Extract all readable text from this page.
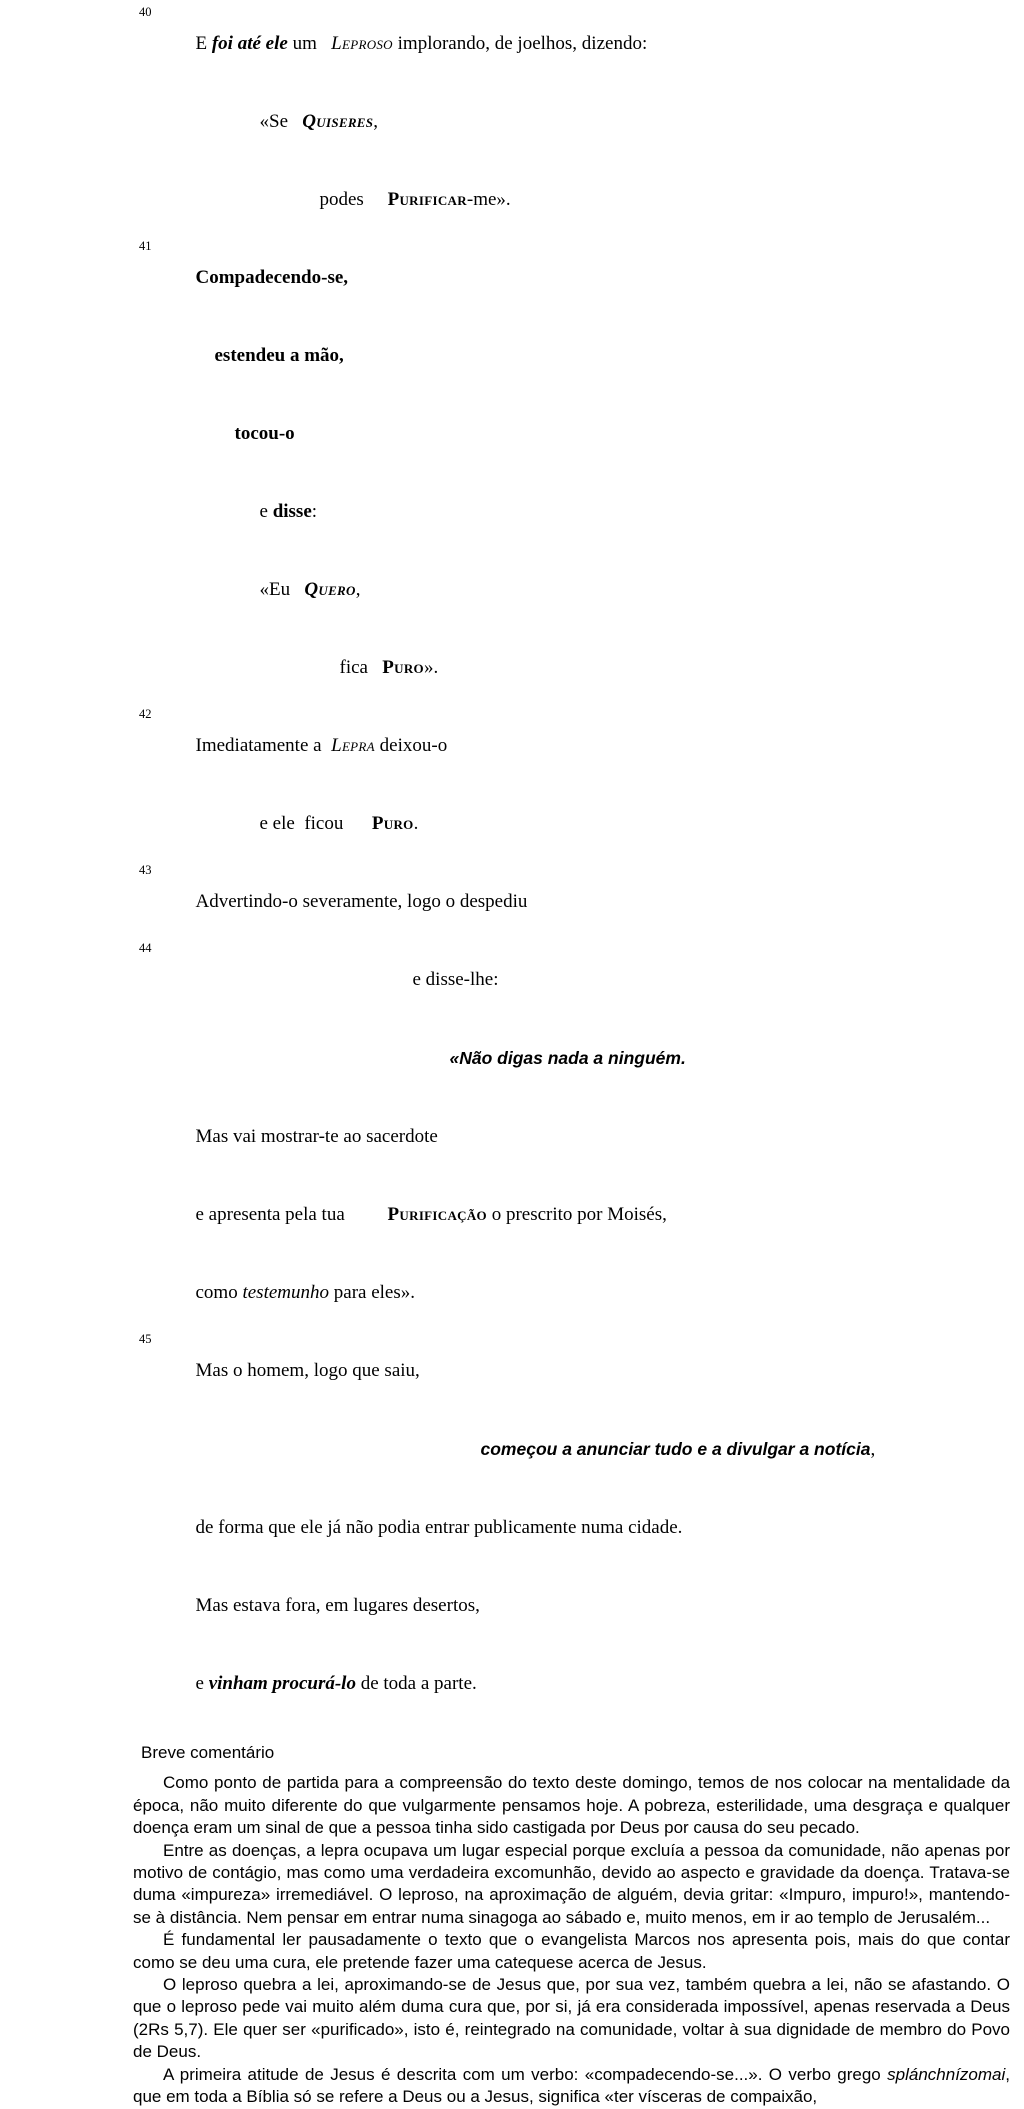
40
E foi até ele um   Leproso implorando, de joelhos, dizendo:

«Se   Quiseres,

podes     Purificar-me».

41
Compadecendo-se,

estendeu a mão,

tocou-o

e disse:

«Eu   Quero,

fica   Puro».

42
Imediatamente a  Lepra deixou-o

e ele  ficou      Puro.

43
Advertindo-o severamente, logo o despediu

44
e disse-lhe:

«Não digas nada a ninguém.

Mas vai mostrar-te ao sacerdote

e apresenta pela tua         Purificação o prescrito por Moisés,

como testemunho para eles».

45
Mas o homem, logo que saiu,

começou a anunciar tudo e a divulgar a notícia,

de forma que ele já não podia entrar publicamente numa cidade.

Mas estava fora, em lugares desertos,

e vinham procurá-lo de toda a parte.

Breve comentário

Como ponto de partida para a compreensão do texto deste domingo, temos de nos colocar na mentalidade da época, não muito diferente do que vulgarmente pensamos hoje. A pobreza, esterilidade, uma desgraça e qualquer doença eram um sinal de que a pessoa tinha sido castigada por Deus por causa do seu pecado.

Entre as doenças, a lepra ocupava um lugar especial porque excluía a pessoa da comunidade, não apenas por motivo de contágio, mas como uma verdadeira excomunhão, devido ao aspecto e gravidade da doença. Tratava-se duma «impureza» irremediável. O leproso, na aproximação de alguém, devia gritar: «Impuro, impuro!», mantendo-se à distância. Nem pensar em entrar numa sinagoga ao sábado e, muito menos, em ir ao templo de Jerusalém...

É fundamental ler pausadamente o texto que o evangelista Marcos nos apresenta pois, mais do que contar como se deu uma cura, ele pretende fazer uma catequese acerca de Jesus.

O leproso quebra a lei, aproximando-se de Jesus que, por sua vez, também quebra a lei, não se afastando. O que o leproso pede vai muito além duma cura que, por si, já era considerada impossível, apenas reservada a Deus (2Rs 5,7). Ele quer ser «purificado», isto é, reintegrado na comunidade, voltar à sua dignidade de membro do Povo de Deus.

A primeira atitude de Jesus é descrita com um verbo: «compadecendo-se...». O verbo grego splánchnízomai, que em toda a Bíblia só se refere a Deus ou a Jesus, significa «ter vísceras de compaixão,
